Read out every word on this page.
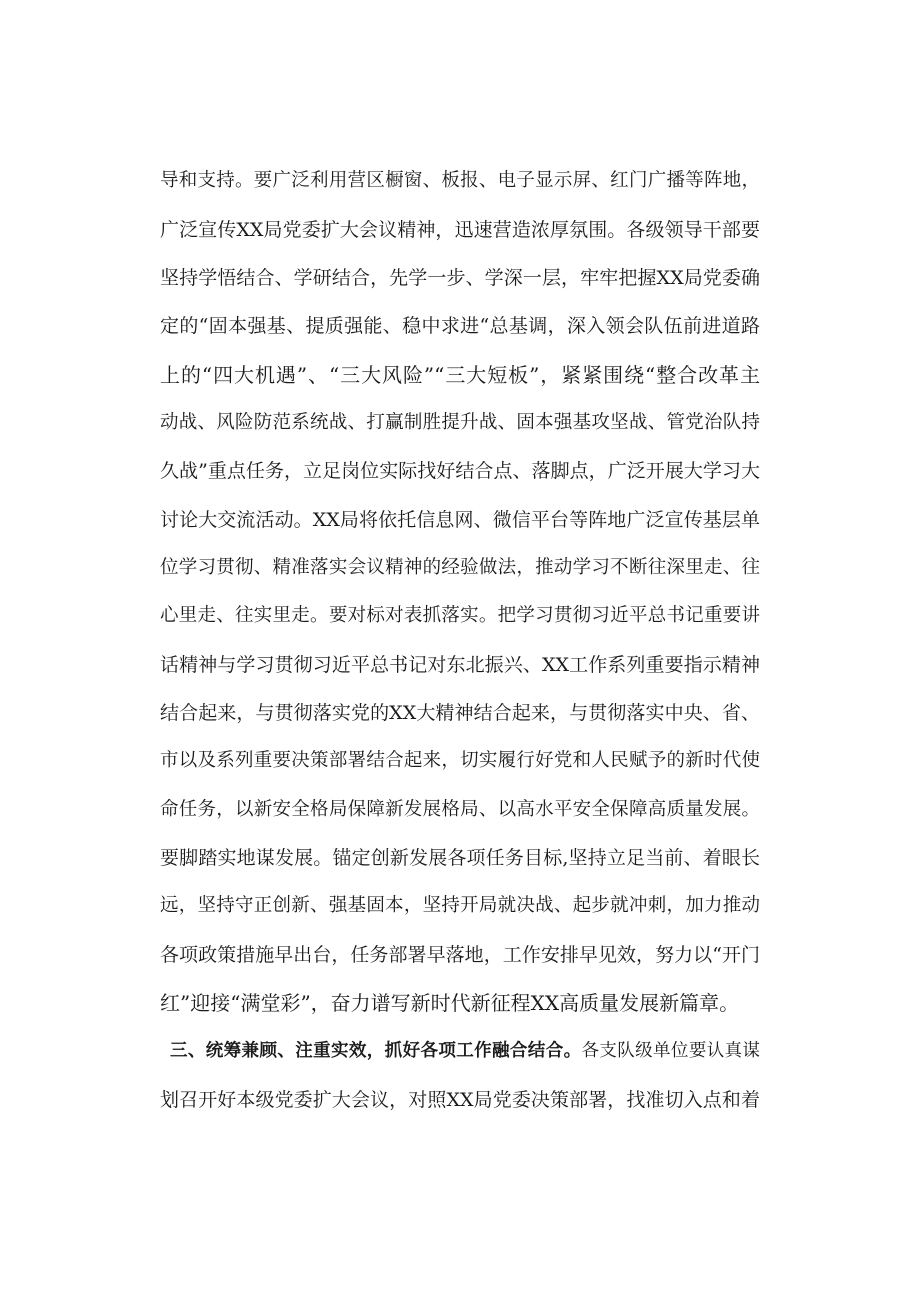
导和支持。要广泛利用营区橱窗、板报、电子显示屏、红门广播等阵地，
广泛宣传XX局党委扩大会议精神，迅速营造浓厚氛围。各级领导干部要
坚持学悟结合、学研结合，先学一步、学深一层，牢牢把握XX局党委确
定的“固本强基、提质强能、稳中求进“总基调，深入领会队伍前进道路
上的“四大机遇”、“三大风险”“三大短板”，紧紧围绕“整合改革主
动战、风险防范系统战、打赢制胜提升战、固本强基攻坚战、管党治队持
久战”重点任务，立足岗位实际找好结合点、落脚点，广泛开展大学习大
讨论大交流活动。XX局将依托信息网、微信平台等阵地广泛宣传基层单
位学习贯彻、精准落实会议精神的经验做法，推动学习不断往深里走、往
心里走、往实里走。要对标对表抓落实。把学习贯彻习近平总书记重要讲
话精神与学习贯彻习近平总书记对东北振兴、XX工作系列重要指示精神
结合起来，与贯彻落实党的XX大精神结合起来，与贯彻落实中央、省、
市以及系列重要决策部署结合起来，切实履行好党和人民赋予的新时代使
命任务，以新安全格局保障新发展格局、以高水平安全保障高质量发展。
要脚踏实地谋发展。锚定创新发展各项任务目标,坚持立足当前、着眼长
远，坚持守正创新、强基固本，坚持开局就决战、起步就冲刺，加力推动
各项政策措施早出台，任务部署早落地，工作安排早见效，努力以“开门
红”迎接“满堂彩”，奋力谱写新时代新征程XX高质量发展新篇章。
三、统筹兼顾、注重实效，抓好各项工作融合结合。各支队级单位要认真谋
划召开好本级党委扩大会议，对照XX局党委决策部署，找准切入点和着
